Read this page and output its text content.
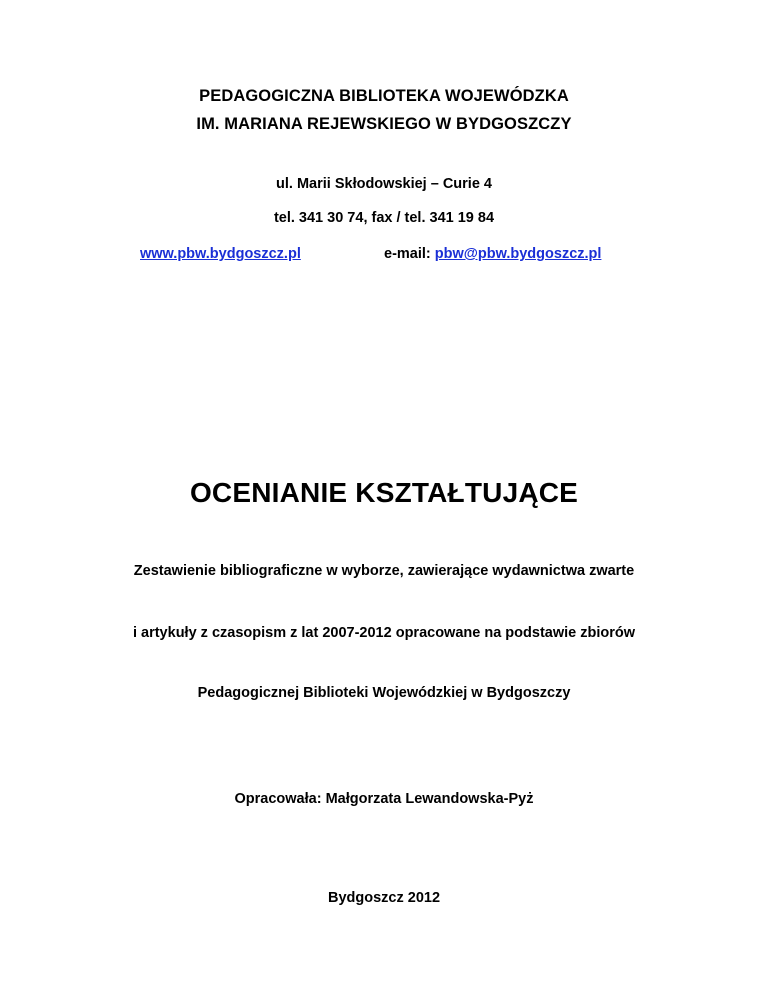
PEDAGOGICZNA BIBLIOTEKA WOJEWÓDZKA
IM. MARIANA REJEWSKIEGO W BYDGOSZCZY
ul. Marii Skłodowskiej – Curie 4
tel. 341 30 74, fax / tel. 341 19 84
www.pbw.bydgoszcz.pl	e-mail: pbw@pbw.bydgoszcz.pl
OCENIANIE KSZTAŁTUJĄCE
Zestawienie bibliograficzne w wyborze, zawierające wydawnictwa zwarte
i artykuły z czasopism z lat 2007-2012 opracowane na podstawie zbiorów
Pedagogicznej Biblioteki Wojewódzkiej w Bydgoszczy
Opracowała: Małgorzata Lewandowska-Pyż
Bydgoszcz 2012
